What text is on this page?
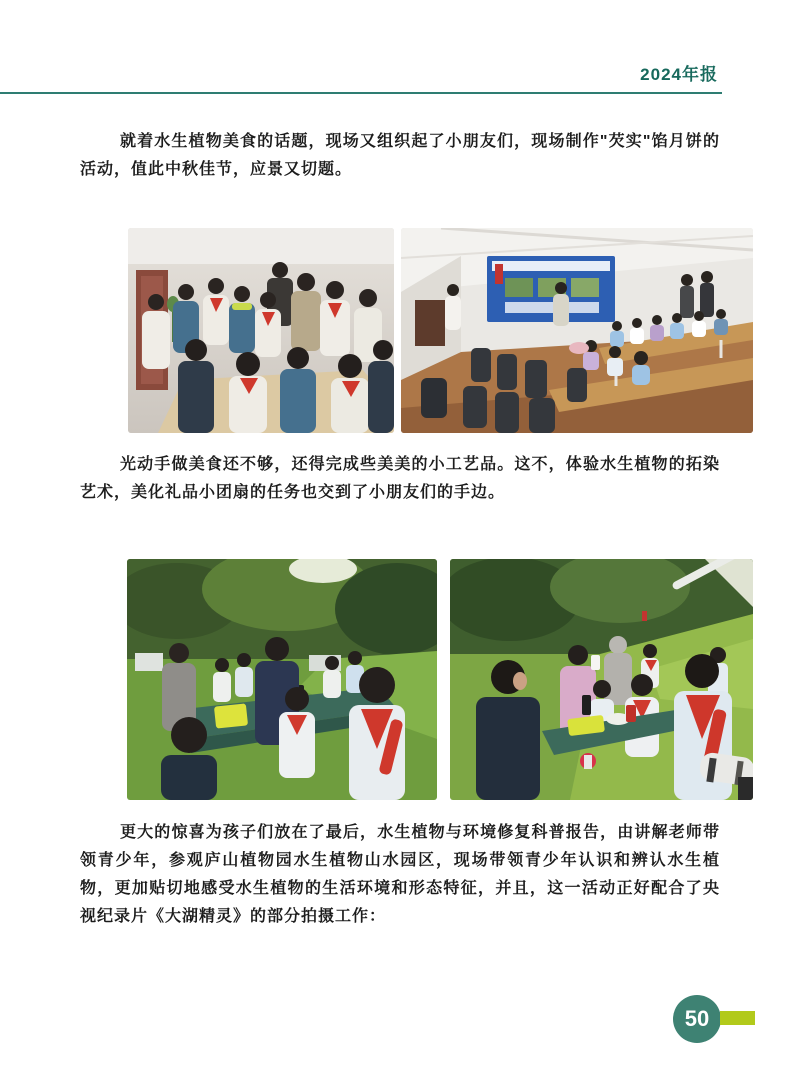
2024年报

就着水生植物美食的话题，现场又组织起了小朋友们，现场制作"芡实"馅月饼的活动，值此中秋佳节，应景又切题。

光动手做美食还不够，还得完成些美美的小工艺品。这不，体验水生植物的拓染艺术，美化礼品小团扇的任务也交到了小朋友们的手边。

更大的惊喜为孩子们放在了最后，水生植物与环境修复科普报告，由讲解老师带领青少年，参观庐山植物园水生植物山水园区，现场带领青少年认识和辨认水生植物，更加贴切地感受水生植物的生活环境和形态特征，并且，这一活动正好配合了央视纪录片《大湖精灵》的部分拍摄工作：

50
